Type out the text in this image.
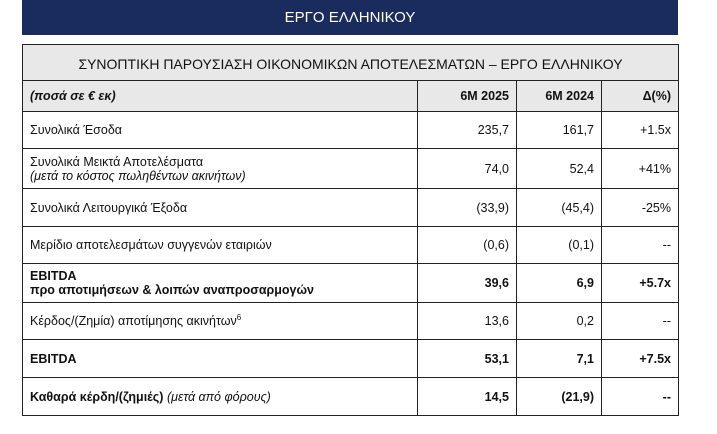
ΕΡΓΟ ΕΛΛΗΝΙΚΟΥ
ΣΥΝΟΠΤΙΚΗ ΠΑΡΟΥΣΙΑΣΗ ΟΙΚΟΝΟΜΙΚΩΝ ΑΠΟΤΕΛΕΣΜΑΤΩΝ – ΕΡΓΟ ΕΛΛΗΝΙΚΟΥ			
(ποσά σε € εκ)	6Μ 2025	6Μ 2024	Δ(%)
Συνολικά Έσοδα	235,7	161,7	+1.5x

Συνολικά Μεικτά Αποτελέσματα
(μετά το κόστος πωληθέντων ακινήτων)	74,0	52,4	+41%
Συνολικά Λειτουργικά Έξοδα	(33,9)	(45,4)	-25%
Μερίδιο αποτελεσμάτων συγγενών εταιριών	(0,6)	(0,1)	--

EBITDA
προ αποτιμήσεων & λοιπών αναπροσαρμογών	39,6	6,9	+5.7x
Κέρδος/(Ζημία) αποτίμησης ακινήτων$^6$	13,6	0,2	--
EBITDA	53,1	7,1	+7.5x
Καθαρά κέρδη/(ζημιές) (μετά από φόρους)	14,5	(21,9)	--
